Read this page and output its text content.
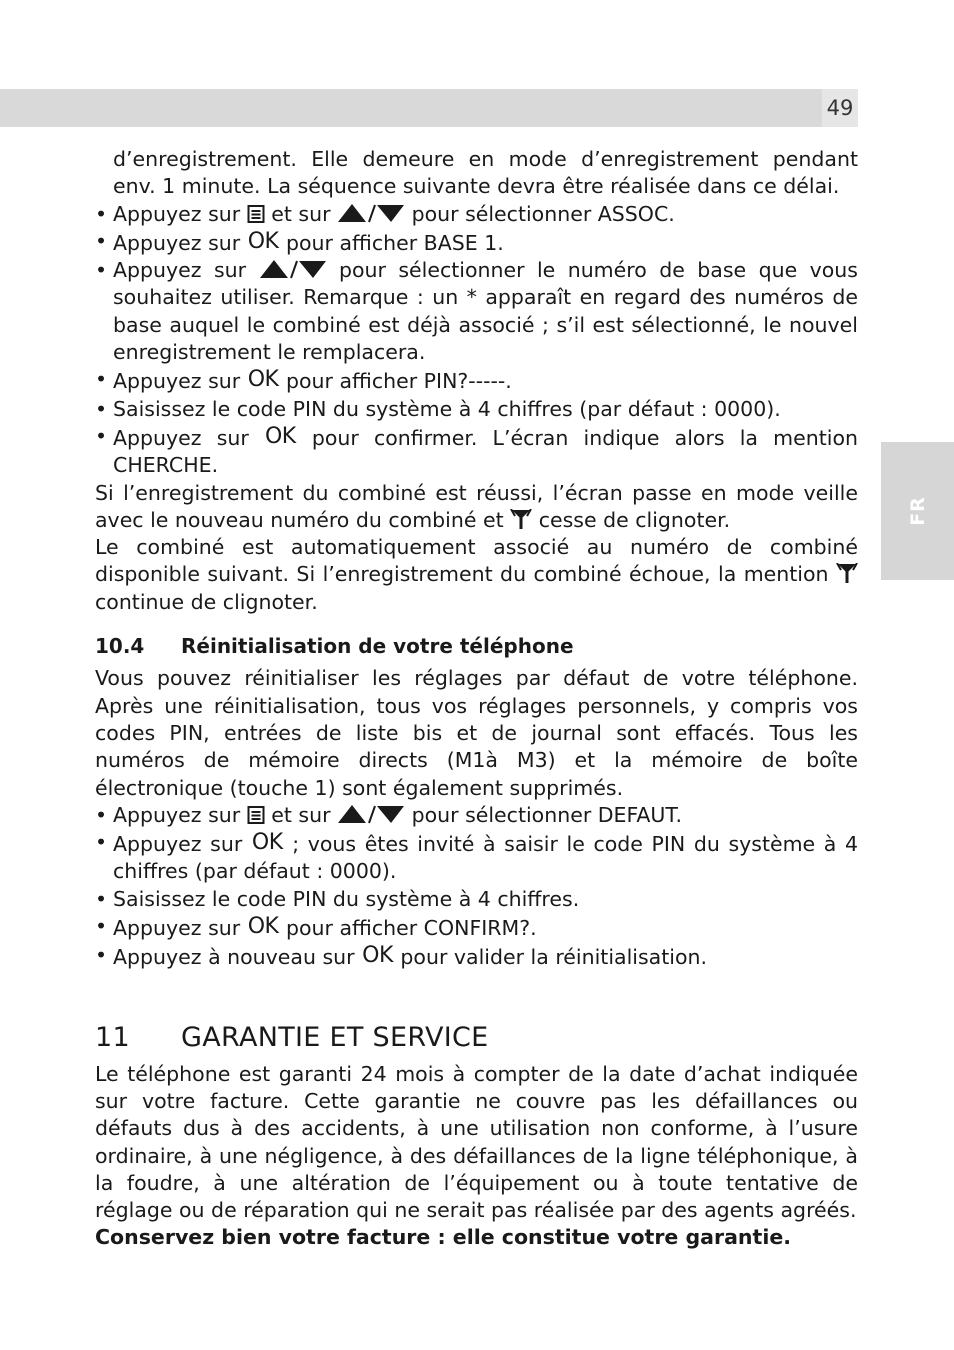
49
FR

d’enregistrement. Elle demeure en mode d’enregistrement pendant env. 1 minute. La séquence suivante devra être réalisée dans ce délai.

• Appuyez sur et sur	pour sélectionner ASSOC.
• Appuyez sur OK pour afficher BASE 1.
• Appuyez sur	pour sélectionner le numéro de base que vous souhaitez utiliser. Remarque : un * apparaît en regard des numéros de base auquel le combiné est déjà associé ; s’il est sélectionné, le nouvel enregistrement le remplacera.
• Appuyez sur OK pour afficher PIN?-----.
• Saisissez le code PIN du système à 4 chiffres (par défaut : 0000).
• Appuyez sur OK pour confirmer. L’écran indique alors la mention CHERCHE.

Si l’enregistrement du combiné est réussi, l’écran passe en mode veille avec le nouveau numéro du combiné et cesse de clignoter.

Le combiné est automatiquement associé au numéro de combiné disponible suivant. Si l’enregistrement du combiné échoue, la mention  continue de clignoter.

10.4 Réinitialisation de votre téléphone

Vous pouvez réinitialiser les réglages par défaut de votre téléphone. Après une réinitialisation, tous vos réglages personnels, y compris vos codes PIN, entrées de liste bis et de journal sont effacés. Tous les numéros de mémoire directs (M1à M3) et la mémoire de boîte électronique (touche 1) sont également supprimés.

• Appuyez sur et sur	pour sélectionner DEFAUT.
• Appuyez sur OK ; vous êtes invité à saisir le code PIN du système à 4 chiffres (par défaut : 0000).
• Saisissez le code PIN du système à 4 chiffres.
• Appuyez sur OK pour afficher CONFIRM?.
• Appuyez à nouveau sur OK pour valider la réinitialisation.
11 GARANTIE ET SERVICE

Le téléphone est garanti 24 mois à compter de la date d’achat indiquée sur votre facture. Cette garantie ne couvre pas les défaillances ou défauts dus à des accidents, à une utilisation non conforme, à l’usure ordinaire, à une négligence, à des défaillances de la ligne téléphonique, à la foudre, à une altération de l’équipement ou à toute tentative de réglage ou de réparation qui ne serait pas réalisée par des agents agréés.

Conservez bien votre facture : elle constitue votre garantie.
